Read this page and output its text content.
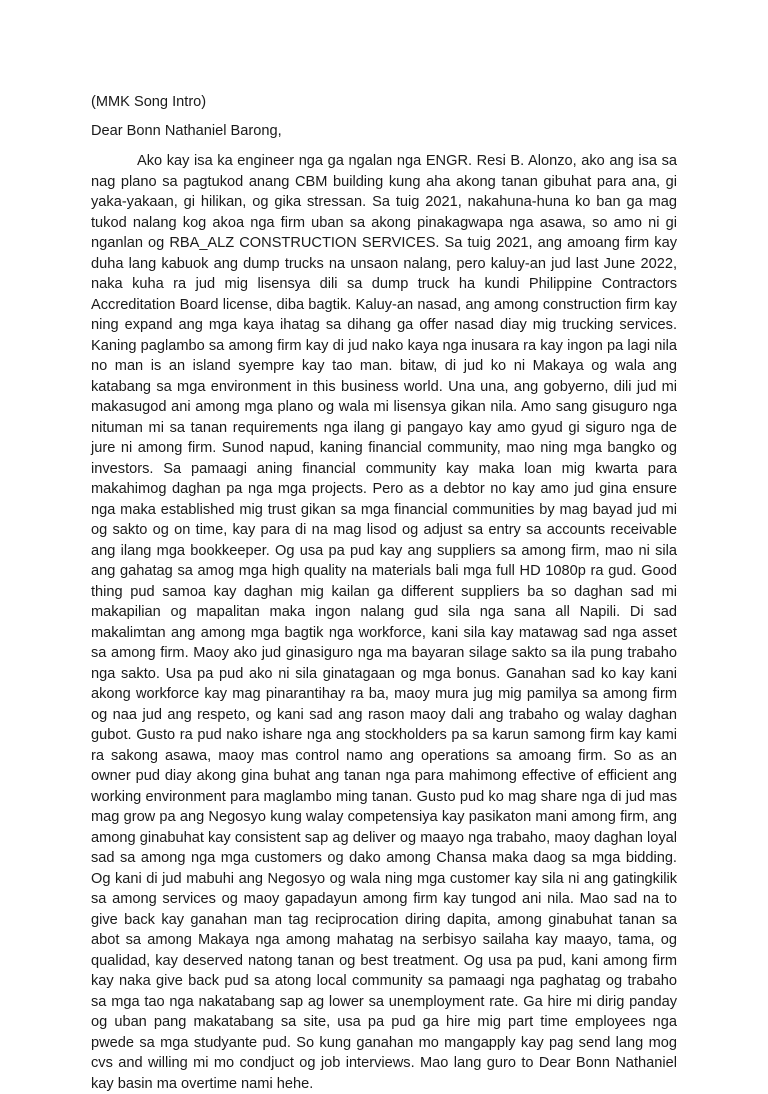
(MMK Song Intro)

Dear Bonn Nathaniel Barong,

Ako kay isa ka engineer nga ga ngalan nga ENGR. Resi B. Alonzo, ako ang isa sa nag plano sa pagtukod anang CBM building kung aha akong tanan gibuhat para ana, gi yaka-yakaan, gi hilikan, og gika stressan. Sa tuig 2021, nakahuna-huna ko ban ga mag tukod nalang kog akoa nga firm uban sa akong pinakagwapa nga asawa, so amo ni gi nganlan og RBA_ALZ CONSTRUCTION SERVICES. Sa tuig 2021, ang amoang firm kay duha lang kabuok ang dump trucks na unsaon nalang, pero kaluy-an jud last June 2022, naka kuha ra jud mig lisensya dili sa dump truck ha kundi Philippine Contractors Accreditation Board license, diba bagtik. Kaluy-an nasad, ang among construction firm kay ning expand ang mga kaya ihatag sa dihang ga offer nasad diay mig trucking services. Kaning paglambo sa among firm kay di jud nako kaya nga inusara ra kay ingon pa lagi nila no man is an island syempre kay tao man. bitaw, di jud ko ni Makaya og wala ang katabang sa mga environment in this business world. Una una, ang gobyerno, dili jud mi makasugod ani among mga plano og wala mi lisensya gikan nila. Amo sang gisuguro nga nituman mi sa tanan requirements nga ilang gi pangayo kay amo gyud gi siguro nga de jure ni among firm. Sunod napud, kaning financial community, mao ning mga bangko og investors. Sa pamaagi aning financial community kay maka loan mig kwarta para makahimog daghan pa nga mga projects. Pero as a debtor no kay amo jud gina ensure nga maka established mig trust gikan sa mga financial communities by mag bayad jud mi og sakto og on time, kay para di na mag lisod og adjust sa entry sa accounts receivable ang ilang mga bookkeeper. Og usa pa pud kay ang suppliers sa among firm, mao ni sila ang gahatag sa amog mga high quality na materials bali mga full HD 1080p ra gud. Good thing pud samoa kay daghan mig kailan ga different suppliers ba so daghan sad mi makapilian og mapalitan maka ingon nalang gud sila nga sana all Napili. Di sad makalimtan ang among mga bagtik nga workforce, kani sila kay matawag sad nga asset sa among firm. Maoy ako jud ginasiguro nga ma bayaran silage sakto sa ila pung trabaho nga sakto. Usa pa pud ako ni sila ginatagaan og mga bonus. Ganahan sad ko kay kani akong workforce kay mag pinarantihay ra ba, maoy mura jug mig pamilya sa among firm og naa jud ang respeto, og kani sad ang rason maoy dali ang trabaho og walay daghan gubot. Gusto ra pud nako ishare nga ang stockholders pa sa karun samong firm kay kami ra sakong asawa, maoy mas control namo ang operations sa amoang firm. So as an owner pud diay akong gina buhat ang tanan nga para mahimong effective of efficient ang working environment para maglambo ming tanan. Gusto pud ko mag share nga di jud mas mag grow pa ang Negosyo kung walay competensiya kay pasikaton mani among firm, ang among ginabuhat kay consistent sap ag deliver og maayo nga trabaho, maoy daghan loyal sad sa among nga mga customers og dako among Chansa maka daog sa mga bidding. Og kani di jud mabuhi ang Negosyo og wala ning mga customer kay sila ni ang gatingkilik sa among services og maoy gapadayun among firm kay tungod ani nila. Mao sad na to give back kay ganahan man tag reciprocation diring dapita, among ginabuhat tanan sa abot sa among Makaya nga among mahatag na serbisyo sailaha kay maayo, tama, og qualidad, kay deserved natong tanan og best treatment. Og usa pa pud, kani among firm kay naka give back pud sa atong local community sa pamaagi nga paghatag og trabaho sa mga tao nga nakatabang sap ag lower sa unemployment rate. Ga hire mi dirig panday og uban pang makatabang sa site, usa pa pud ga hire mig part time employees nga pwede sa mga studyante pud. So kung ganahan mo mangapply kay pag send lang mog cvs and willing mi mo condjuct og job interviews. Mao lang guro to Dear Bonn Nathaniel kay basin ma overtime nami hehe.
